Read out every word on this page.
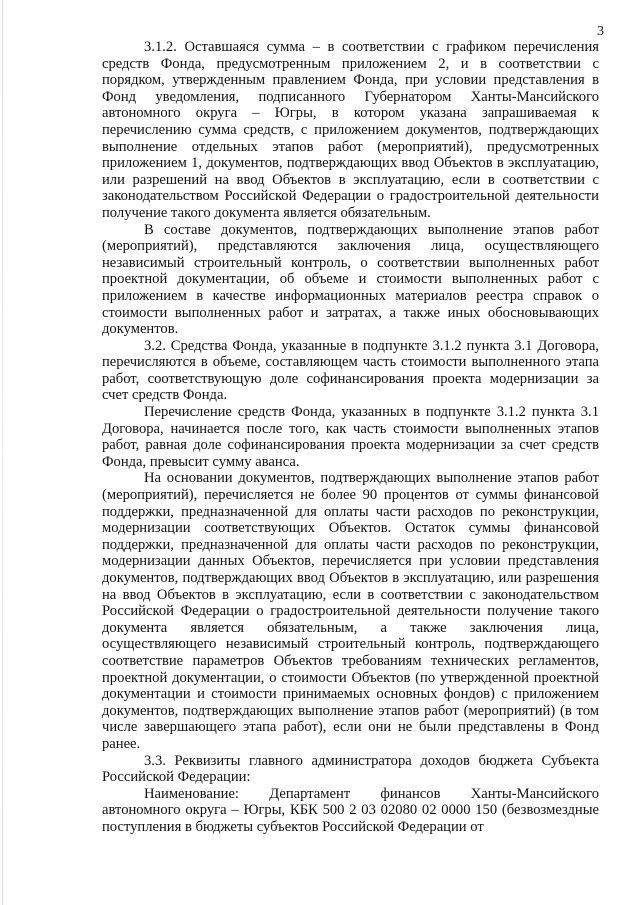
3

3.1.2. Оставшаяся сумма – в соответствии с графиком перечисления средств Фонда, предусмотренным приложением 2, и в соответствии с порядком, утвержденным правлением Фонда, при условии представления в Фонд уведомления, подписанного Губернатором Ханты-Мансийского автономного округа – Югры, в котором указана запрашиваемая к перечислению сумма средств, с приложением документов, подтверждающих выполнение отдельных этапов работ (мероприятий), предусмотренных приложением 1, документов, подтверждающих ввод Объектов в эксплуатацию, или разрешений на ввод Объектов в эксплуатацию, если в соответствии с законодательством Российской Федерации о градостроительной деятельности получение такого документа является обязательным.

В составе документов, подтверждающих выполнение этапов работ (мероприятий), представляются заключения лица, осуществляющего независимый строительный контроль, о соответствии выполненных работ проектной документации, об объеме и стоимости выполненных работ с приложением в качестве информационных материалов реестра справок о стоимости выполненных работ и затратах, а также иных обосновывающих документов.

3.2. Средства Фонда, указанные в подпункте 3.1.2 пункта 3.1 Договора, перечисляются в объеме, составляющем часть стоимости выполненного этапа работ, соответствующую доле софинансирования проекта модернизации за счет средств Фонда.

Перечисление средств Фонда, указанных в подпункте 3.1.2 пункта 3.1 Договора, начинается после того, как часть стоимости выполненных этапов работ, равная доле софинансирования проекта модернизации за счет средств Фонда, превысит сумму аванса.

На основании документов, подтверждающих выполнение этапов работ (мероприятий), перечисляется не более 90 процентов от суммы финансовой поддержки, предназначенной для оплаты части расходов по реконструкции, модернизации соответствующих Объектов. Остаток суммы финансовой поддержки, предназначенной для оплаты части расходов по реконструкции, модернизации данных Объектов, перечисляется при условии представления документов, подтверждающих ввод Объектов в эксплуатацию, или разрешения на ввод Объектов в эксплуатацию, если в соответствии с законодательством Российской Федерации о градостроительной деятельности получение такого документа является обязательным, а также заключения лица, осуществляющего независимый строительный контроль, подтверждающего соответствие параметров Объектов требованиям технических регламентов, проектной документации, о стоимости Объектов (по утвержденной проектной документации и стоимости принимаемых основных фондов) с приложением документов, подтверждающих выполнение этапов работ (мероприятий) (в том числе завершающего этапа работ), если они не были представлены в Фонд ранее.

3.3. Реквизиты главного администратора доходов бюджета Субъекта Российской Федерации:

Наименование: Департамент финансов Ханты-Мансийского автономного округа – Югры, КБК 500 2 03 02080 02 0000 150 (безвозмездные поступления в бюджеты субъектов Российской Федерации от
